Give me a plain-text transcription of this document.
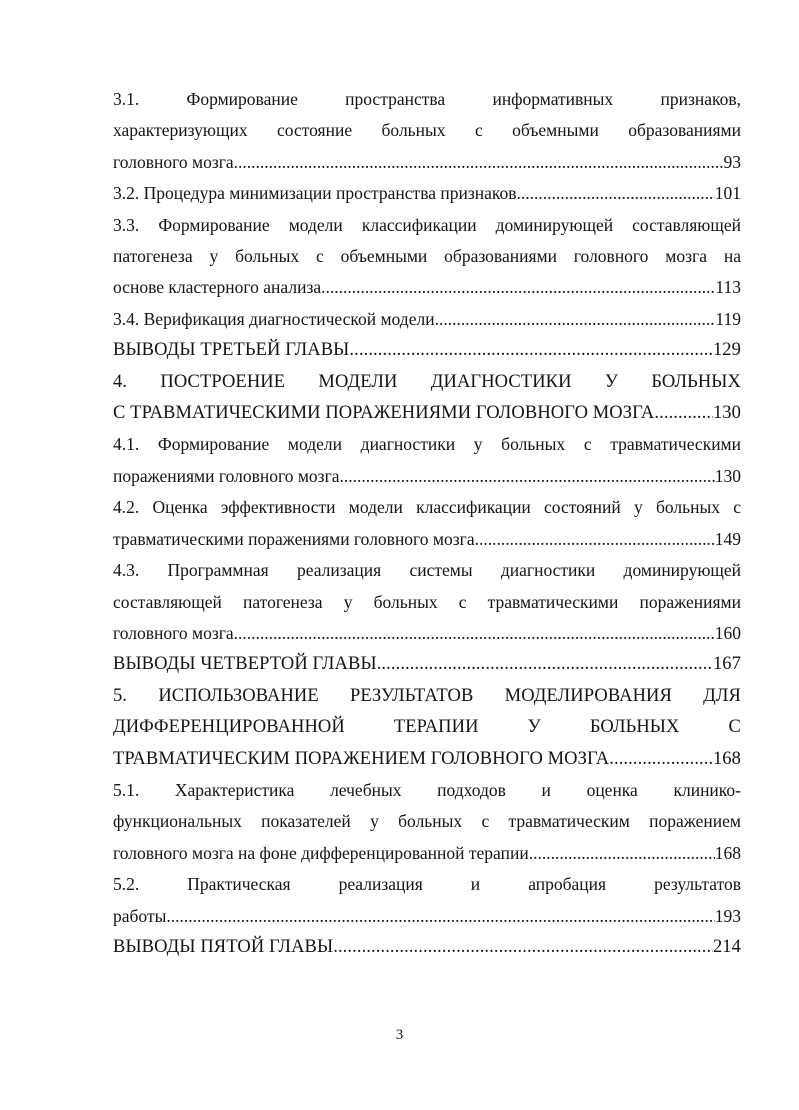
3.1. Формирование пространства информативных признаков,
характеризующих состояние больных с объемными образованиями
головного мозга .....	93
3.2. Процедура минимизации пространства признаков .....	101
3.3. Формирование модели классификации доминирующей составляющей
патогенеза у больных с объемными образованиями головного мозга на
основе кластерного анализа .....	113
3.4. Верификация диагностической модели .....	119
ВЫВОДЫ ТРЕТЬЕЙ ГЛАВЫ .....	129
4. ПОСТРОЕНИЕ МОДЕЛИ ДИАГНОСТИКИ У БОЛЬНЫХ
С ТРАВМАТИЧЕСКИМИ ПОРАЖЕНИЯМИ ГОЛОВНОГО МОЗГА .....	130
4.1. Формирование модели диагностики у больных с травматическими
поражениями головного мозга .....	130
4.2. Оценка эффективности модели классификации состояний у больных с
травматическими поражениями головного мозга .....	149
4.3. Программная реализация системы диагностики доминирующей
составляющей патогенеза у больных с травматическими поражениями
головного мозга .....	160
ВЫВОДЫ ЧЕТВЕРТОЙ ГЛАВЫ .....	167
5. ИСПОЛЬЗОВАНИЕ РЕЗУЛЬТАТОВ МОДЕЛИРОВАНИЯ ДЛЯ
ДИФФЕРЕНЦИРОВАННОЙ ТЕРАПИИ У БОЛЬНЫХ С
ТРАВМАТИЧЕСКИМ ПОРАЖЕНИЕМ ГОЛОВНОГО МОЗГА .....	168
5.1. Характеристика лечебных подходов и оценка клинико-
функциональных показателей у больных с травматическим поражением
головного мозга на фоне дифференцированной терапии .....	168
5.2. Практическая реализация и апробация результатов
работы .....	193
ВЫВОДЫ ПЯТОЙ ГЛАВЫ .....	214
3
